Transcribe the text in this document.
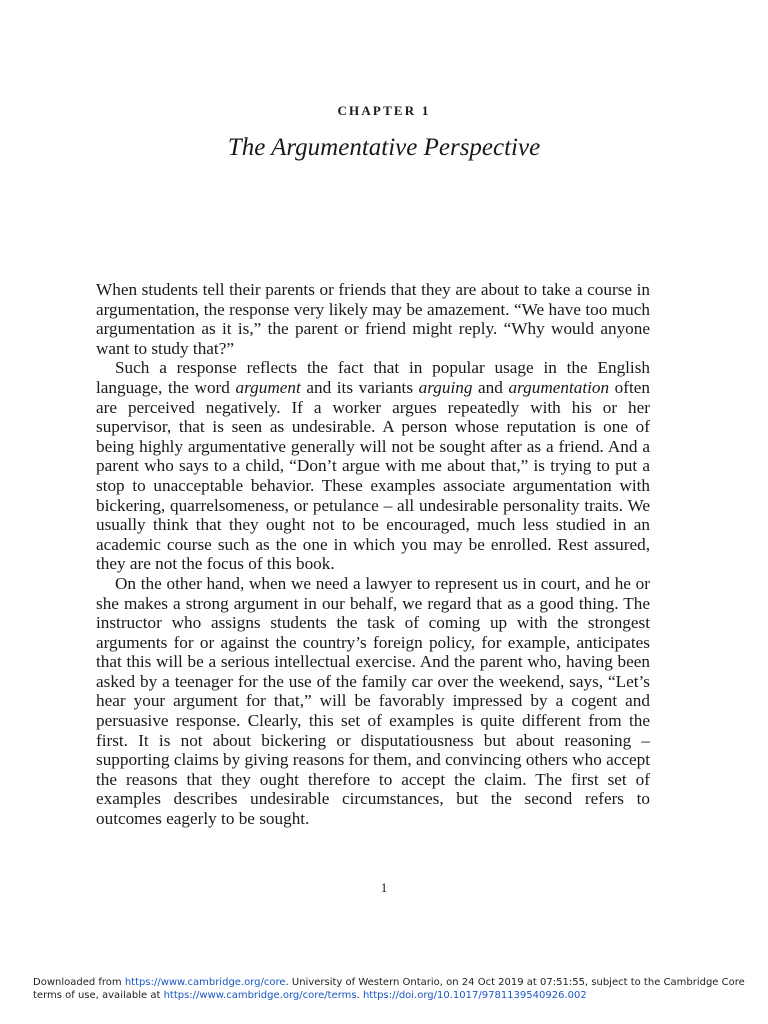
CHAPTER 1
The Argumentative Perspective

When students tell their parents or friends that they are about to take a course in argumentation, the response very likely may be amazement. “We have too much argumentation as it is,” the parent or friend might reply. “Why would anyone want to study that?”

Such a response reflects the fact that in popular usage in the English language, the word argument and its variants arguing and argumentation often are perceived negatively. If a worker argues repeatedly with his or her supervisor, that is seen as undesirable. A person whose reputation is one of being highly argumentative generally will not be sought after as a friend. And a parent who says to a child, “Don’t argue with me about that,” is trying to put a stop to unacceptable behavior. These examples associate argumentation with bickering, quarrelsomeness, or petulance – all undesirable personality traits. We usually think that they ought not to be encouraged, much less studied in an academic course such as the one in which you may be enrolled. Rest assured, they are not the focus of this book.

On the other hand, when we need a lawyer to represent us in court, and he or she makes a strong argument in our behalf, we regard that as a good thing. The instructor who assigns students the task of coming up with the strongest arguments for or against the country’s foreign policy, for example, anticipates that this will be a serious intellectual exercise. And the parent who, having been asked by a teenager for the use of the family car over the weekend, says, “Let’s hear your argument for that,” will be favorably impressed by a cogent and persuasive response. Clearly, this set of examples is quite different from the first. It is not about bickering or disputatiousness but about reasoning – supporting claims by giving reasons for them, and convincing others who accept the reasons that they ought therefore to accept the claim. The first set of examples describes undesirable circumstances, but the second refers to outcomes eagerly to be sought.

1
Downloaded from https://www.cambridge.org/core. University of Western Ontario, on 24 Oct 2019 at 07:51:55, subject to the Cambridge Core
terms of use, available at https://www.cambridge.org/core/terms. https://doi.org/10.1017/9781139540926.002
